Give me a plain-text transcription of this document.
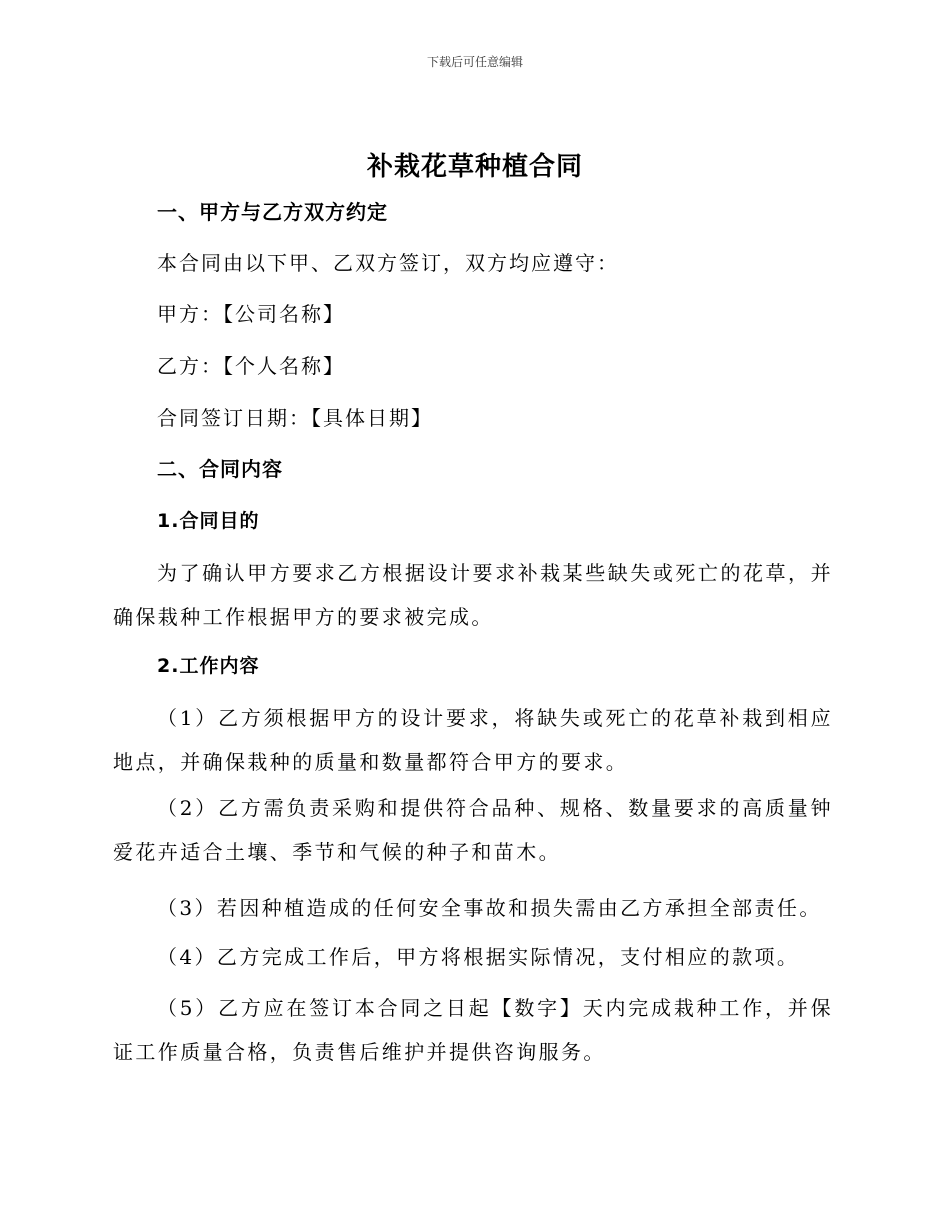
下载后可任意编辑
补栽花草种植合同
一、甲方与乙方双方约定
本合同由以下甲、乙双方签订，双方均应遵守：
甲方：【公司名称】
乙方：【个人名称】
合同签订日期：【具体日期】
二、合同内容
1.合同目的
为了确认甲方要求乙方根据设计要求补栽某些缺失或死亡的花草，并确保栽种工作根据甲方的要求被完成。
2.工作内容
（1）乙方须根据甲方的设计要求，将缺失或死亡的花草补栽到相应地点，并确保栽种的质量和数量都符合甲方的要求。
（2）乙方需负责采购和提供符合品种、规格、数量要求的高质量钟爱花卉适合土壤、季节和气候的种子和苗木。
（3）若因种植造成的任何安全事故和损失需由乙方承担全部责任。
（4）乙方完成工作后，甲方将根据实际情况，支付相应的款项。
（5）乙方应在签订本合同之日起【数字】天内完成栽种工作，并保证工作质量合格，负责售后维护并提供咨询服务。
